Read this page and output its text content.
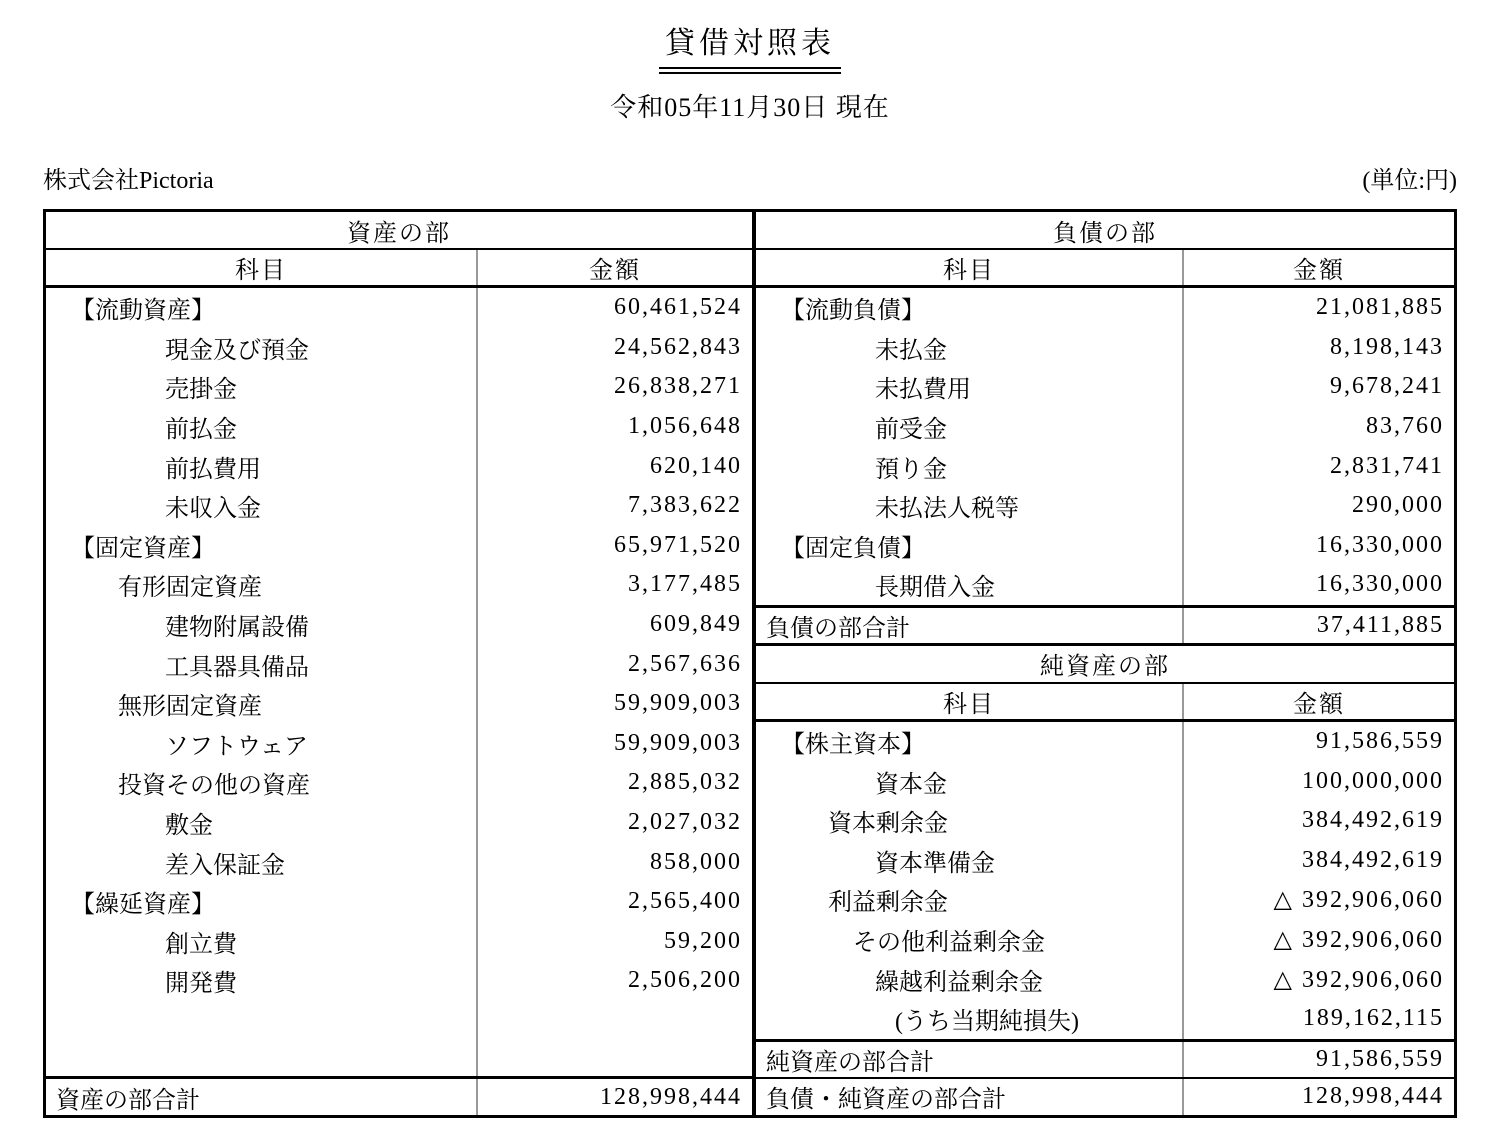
貸借対照表
令和05年11月30日 現在
株式会社Pictoria	(単位:円)
資産の部
科目	金額
【流動資産】	60,461,524
現金及び預金	24,562,843
売掛金	26,838,271
前払金	1,056,648
前払費用	620,140
未収入金	7,383,622
【固定資産】	65,971,520
有形固定資産	3,177,485
建物附属設備	609,849
工具器具備品	2,567,636
無形固定資産	59,909,003
ソフトウェア	59,909,003
投資その他の資産	2,885,032
敷金	2,027,032
差入保証金	858,000
【繰延資産】	2,565,400
創立費	59,200
開発費	2,506,200
資産の部合計	128,998,444
負債の部
科目	金額
【流動負債】	21,081,885
未払金	8,198,143
未払費用	9,678,241
前受金	83,760
預り金	2,831,741
未払法人税等	290,000
【固定負債】	16,330,000
長期借入金	16,330,000
負債の部合計	37,411,885
純資産の部
科目	金額
【株主資本】	91,586,559
資本金	100,000,000
資本剰余金	384,492,619
資本準備金	384,492,619
利益剰余金	△ 392,906,060
その他利益剰余金	△ 392,906,060
繰越利益剰余金	△ 392,906,060
(うち当期純損失)	189,162,115
純資産の部合計	91,586,559
負債・純資産の部合計	128,998,444
